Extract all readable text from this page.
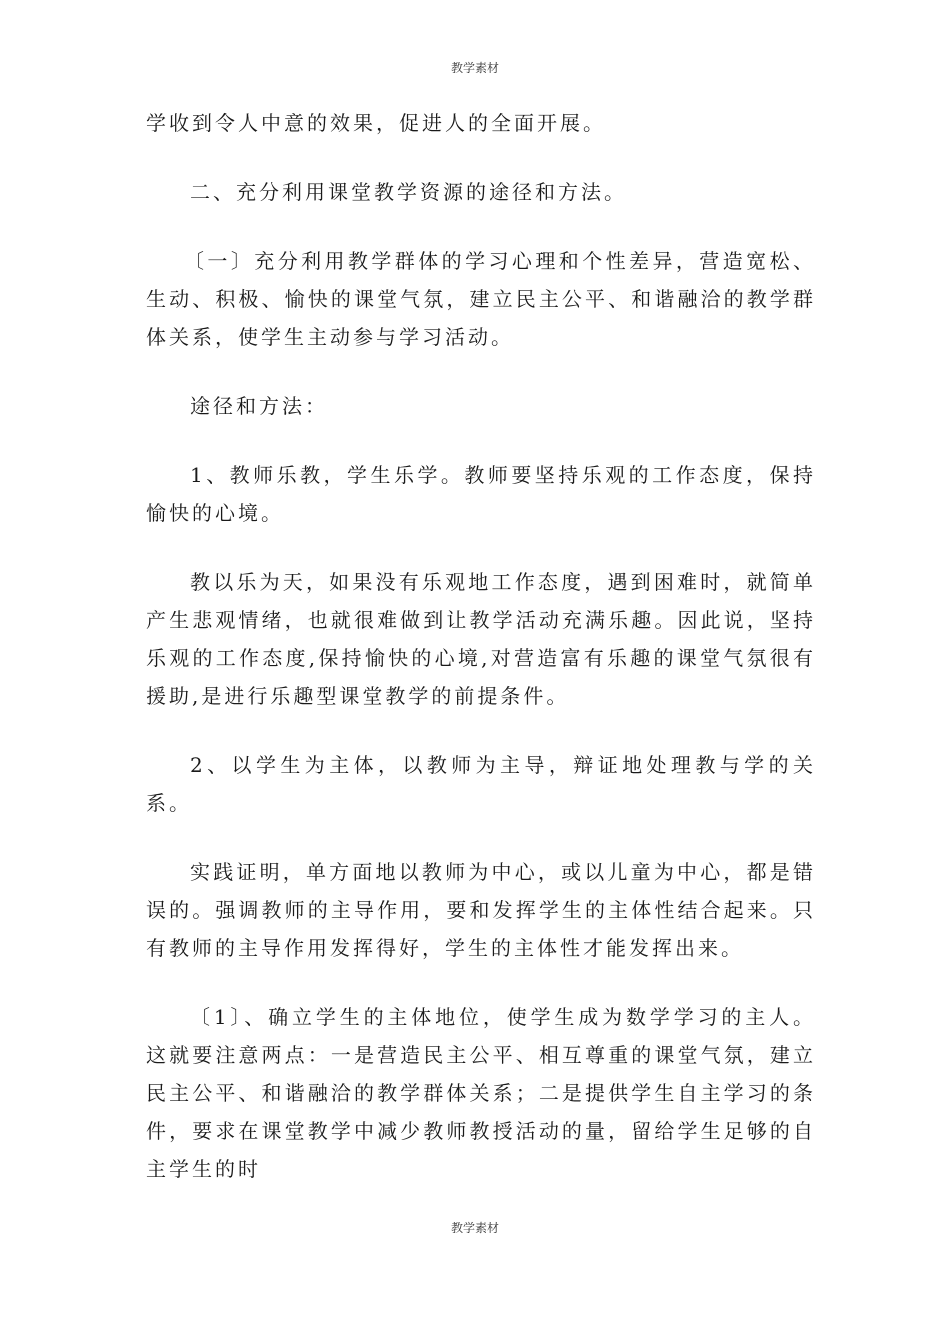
教学素材

学收到令人中意的效果，促进人的全面开展。

二、充分利用课堂教学资源的途径和方法。

〔一〕充分利用教学群体的学习心理和个性差异，营造宽松、生动、积极、愉快的课堂气氛，建立民主公平、和谐融洽的教学群体关系，使学生主动参与学习活动。

途径和方法：

1、教师乐教，学生乐学。教师要坚持乐观的工作态度，保持愉快的心境。

教以乐为天，如果没有乐观地工作态度，遇到困难时，就简单产生悲观情绪，也就很难做到让教学活动充满乐趣。因此说，坚持乐观的工作态度,保持愉快的心境,对营造富有乐趣的课堂气氛很有援助,是进行乐趣型课堂教学的前提条件。

2、以学生为主体，以教师为主导，辩证地处理教与学的关系。

实践证明，单方面地以教师为中心，或以儿童为中心，都是错误的。强调教师的主导作用，要和发挥学生的主体性结合起来。只有教师的主导作用发挥得好，学生的主体性才能发挥出来。

〔1〕、确立学生的主体地位，使学生成为数学学习的主人。这就要注意两点：一是营造民主公平、相互尊重的课堂气氛，建立民主公平、和谐融洽的教学群体关系；二是提供学生自主学习的条件，要求在课堂教学中减少教师教授活动的量，留给学生足够的自主学生的时

教学素材
